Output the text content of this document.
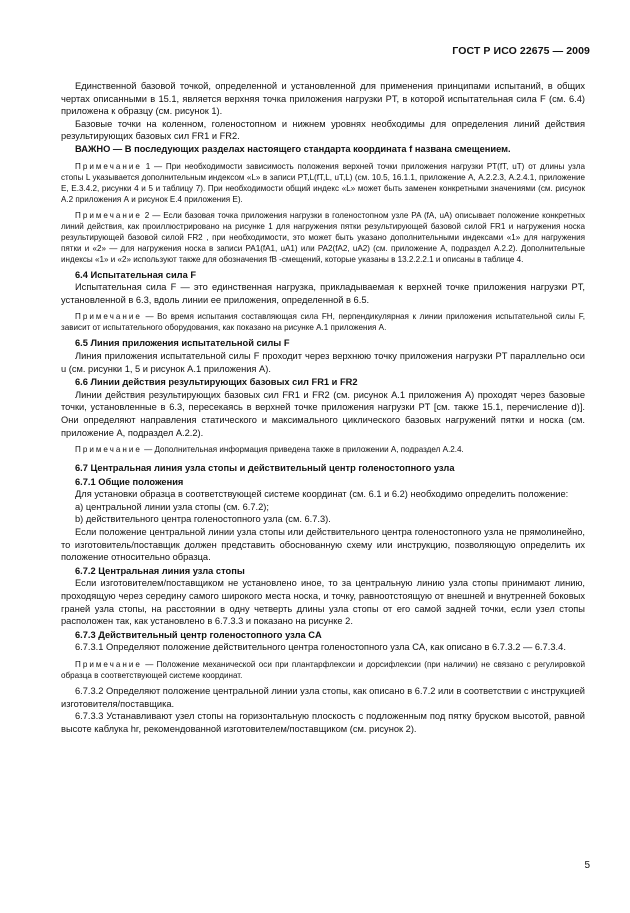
ГОСТ Р ИСО 22675 — 2009

Единственной базовой точкой, определенной и установленной для применения принципами испытаний, в общих чертах описанными в 15.1, является верхняя точка приложения нагрузки PT, в которой испытательная сила F (см. 6.4) приложена к образцу (см. рисунок 1).

Базовые точки на коленном, голеностопном и нижнем уровнях необходимы для определения линий действия результирующих базовых сил FR1 и FR2.

ВАЖНО — В последующих разделах настоящего стандарта координата f названа смещением.

Примечание 1 — При необходимости зависимость положения верхней точки приложения нагрузки PT(fT, uT) от длины узла стопы L указывается дополнительным индексом «L» в записи PT,L(fT,L, uT,L) (см. 10.5, 16.1.1, приложение А, А.2.2.3, А.2.4.1, приложение Е, Е.3.4.2, рисунки 4 и 5 и таблицу 7). При необходимости общий индекс «L» может быть заменен конкретными значениями (см. рисунок А.2 приложения А и рисунок Е.4 приложения Е).

Примечание 2 — Если базовая точка приложения нагрузки в голеностопном узле PA (fA, uA) описывает положение конкретных линий действия, как проиллюстрировано на рисунке 1 для нагружения пятки результирующей базовой силой FR1 и нагружения носка результирующей базовой силой FR2 , при необходимости, это может быть указано дополнительными индексами «1» для нагружения пятки и «2» — для нагружения носка в записи PA1(fA1, uA1) или PA2(fA2, uA2) (см. приложение А, подраздел А.2.2). Дополнительные индексы «1» и «2» используют также для обозначения fB -смещений, которые указаны в 13.2.2.2.1 и описаны в таблице 4.

6.4 Испытательная сила F

Испытательная сила F — это единственная нагрузка, прикладываемая к верхней точке приложения нагрузки PT, установленной в 6.3, вдоль линии ее приложения, определенной в 6.5.

Примечание — Во время испытания составляющая сила FH, перпендикулярная к линии приложения испытательной силы F, зависит от испытательного оборудования, как показано на рисунке А.1 приложения А.

6.5 Линия приложения испытательной силы F

Линия приложения испытательной силы F проходит через верхнюю точку приложения нагрузки PT параллельно оси u (см. рисунки 1, 5 и рисунок А.1 приложения А).

6.6 Линии действия результирующих базовых сил FR1 и FR2

Линии действия результирующих базовых сил FR1 и FR2 (см. рисунок А.1 приложения А) проходят через базовые точки, установленные в 6.3, пересекаясь в верхней точке приложения нагрузки PT [см. также 15.1, перечисление d)]. Они определяют направления статического и максимального циклического базовых нагружений пятки и носка (см. приложение А, подраздел А.2.2).

Примечание — Дополнительная информация приведена также в приложении А, подраздел А.2.4.

6.7 Центральная линия узла стопы и действительный центр голеностопного узла

6.7.1 Общие положения

Для установки образца в соответствующей системе координат (см. 6.1 и 6.2) необходимо определить положение:

a) центральной линии узла стопы (см. 6.7.2);

b) действительного центра голеностопного узла (см. 6.7.3).

Если положение центральной линии узла стопы или действительного центра голеностопного узла не прямолинейно, то изготовитель/поставщик должен представить обоснованную схему или инструкцию, позволяющую определить их положение относительно образца.

6.7.2 Центральная линия узла стопы

Если изготовителем/поставщиком не установлено иное, то за центральную линию узла стопы принимают линию, проходящую через середину самого широкого места носка, и точку, равноотстоящую от внешней и внутренней боковых граней узла стопы, на расстоянии в одну четверть длины узла стопы от его самой задней точки, если узел стопы расположен так, как установлено в 6.7.3.3 и показано на рисунке 2.

6.7.3 Действительный центр голеностопного узла CA

6.7.3.1 Определяют положение действительного центра голеностопного узла CA, как описано в 6.7.3.2 — 6.7.3.4.

Примечание — Положение механической оси при плантарфлексии и дорсифлексии (при наличии) не связано с регулировкой образца в соответствующей системе координат.

6.7.3.2 Определяют положение центральной линии узла стопы, как описано в 6.7.2 или в соответствии с инструкцией изготовителя/поставщика.

6.7.3.3 Устанавливают узел стопы на горизонтальную плоскость с подложенным под пятку бруском высотой, равной высоте каблука hr, рекомендованной изготовителем/поставщиком (см. рисунок 2).

5
